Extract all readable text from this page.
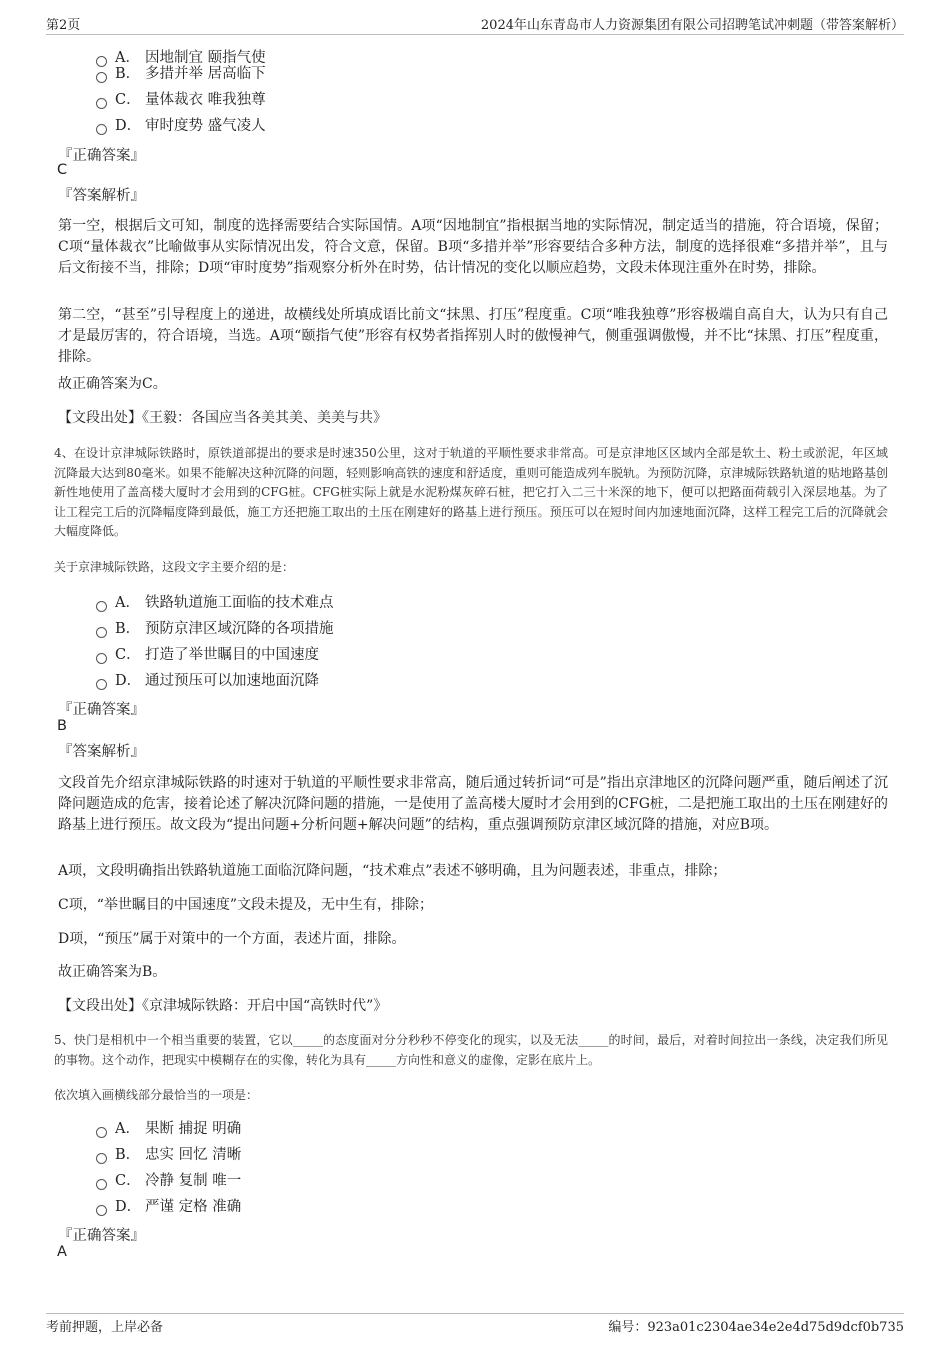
第2页	2024年山东青岛市人力资源集团有限公司招聘笔试冲刺题（带答案解析）
A． 因地制宜 颐指气使
B． 多措并举 居高临下
C． 量体裁衣 唯我独尊
D． 审时度势 盛气凌人
『正确答案』
C
『答案解析』
第一空，根据后文可知，制度的选择需要结合实际国情。A项“因地制宜”指根据当地的实际情况，制定适当的措施，符合语境，保留；C项“量体裁衣”比喻做事从实际情况出发，符合文意，保留。B项“多措并举”形容要结合多种方法，制度的选择很难“多措并举”，且与后文衔接不当，排除；D项“审时度势”指观察分析外在时势，估计情况的变化以顺应趋势，文段未体现注重外在时势，排除。
第二空，“甚至”引导程度上的递进，故横线处所填成语比前文“抹黑、打压”程度重。C项“唯我独尊”形容极端自高自大，认为只有自己才是最厉害的，符合语境，当选。A项“颐指气使”形容有权势者指挥别人时的傲慢神气，侧重强调傲慢，并不比“抹黑、打压”程度重，排除。
故正确答案为C。
【文段出处】《王毅：各国应当各美其美、美美与共》
4、在设计京津城际铁路时，原铁道部提出的要求是时速350公里，这对于轨道的平顺性要求非常高。可是京津地区区域内全部是软土、粉土或淤泥，年区域沉降最大达到80毫米。如果不能解决这种沉降的问题，轻则影响高铁的速度和舒适度，重则可能造成列车脱轨。为预防沉降，京津城际铁路轨道的贴地路基创新性地使用了盖高楼大厦时才会用到的CFG桩。CFG桩实际上就是水泥粉煤灰碎石桩，把它打入二三十米深的地下，便可以把路面荷载引入深层地基。为了让工程完工后的沉降幅度降到最低，施工方还把施工取出的土压在刚建好的路基上进行预压。预压可以在短时间内加速地面沉降，这样工程完工后的沉降就会大幅度降低。
关于京津城际铁路，这段文字主要介绍的是：
A． 铁路轨道施工面临的技术难点
B． 预防京津区域沉降的各项措施
C． 打造了举世瞩目的中国速度
D． 通过预压可以加速地面沉降
『正确答案』
B
『答案解析』
文段首先介绍京津城际铁路的时速对于轨道的平顺性要求非常高，随后通过转折词“可是”指出京津地区的沉降问题严重，随后阐述了沉降问题造成的危害，接着论述了解决沉降问题的措施，一是使用了盖高楼大厦时才会用到的CFG桩，二是把施工取出的土压在刚建好的路基上进行预压。故文段为“提出问题+分析问题+解决问题”的结构，重点强调预防京津区域沉降的措施，对应B项。
A项，文段明确指出铁路轨道施工面临沉降问题，“技术难点”表述不够明确，且为问题表述，非重点，排除；
C项，“举世瞩目的中国速度”文段未提及，无中生有，排除；
D项，“预压”属于对策中的一个方面，表述片面，排除。
故正确答案为B。
【文段出处】《京津城际铁路：开启中国“高铁时代”》
5、快门是相机中一个相当重要的装置，它以_____的态度面对分分秒秒不停变化的现实，以及无法_____的时间，最后，对着时间拉出一条线，决定我们所见的事物。这个动作，把现实中模糊存在的实像，转化为具有_____方向性和意义的虚像，定影在底片上。
依次填入画横线部分最恰当的一项是：
A． 果断 捕捉 明确
B． 忠实 回忆 清晰
C． 冷静 复制 唯一
D． 严谨 定格 准确
『正确答案』
A
考前押题，上岸必备	编号：923a01c2304ae34e2e4d75d9dcf0b735
